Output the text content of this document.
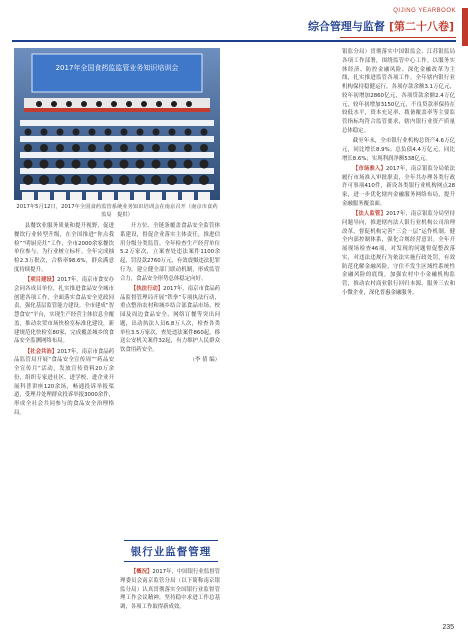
QIJING YEARBOOK
综合管理与监督 [第二十八卷]
2017年全国食药监监管业务知识培训会
2017年5月12日，2017年全国食药监管系统业务知识培训会在南京召开（南京市食药监局　提供）

县餐饮业服务质量和提升视野，促进餐饮行业转型升级，在全国推进“你点我检”“明厨亮灶”工作，全市2000余家餐饮单位参与，为行业树立标杆。全年完成抽检2.3万批次，合格率98.6%，群众满意度持续提升。

【项目建设】2017年，南京市食安办会同各成员单位，扎实推进食品安全城市创建各项工作，全面落实食品安全党政同责，强化基层监管能力建设。全市建成“智慧食安”平台，实现生产经营主体信息全覆盖，推动农贸市场快检室标准化建设，新建规范化快检室80家，完成覆盖城乡的食品安全监测网络布局。

【社会共治】2017年，南京市食品药品监管局开展“食品安全宣传周”“药品安全宣传月”活动，发放宣传资料20万余份，组织专家进社区、进学校、进企业开展科普讲座120余场，畅通投诉举报渠道，受理并处理群众投诉举报3000余件，形成全社会共同参与的食品安全治理格局。

开方位、全链条覆盖食品安全监管体系建设，督促企业落实主体责任，推进信用分级分类监管。全年检查生产经营单位5.2万家次，立案查处违法案件1100余起，罚没款2760万元，有效震慑违法犯罪行为。建立健全部门联动机制，形成监管合力，食品安全形势总体稳定向好。

【执法行动】2017年，南京市食品药品监督管理局开展“铁拳”专项执法行动，重点整治农村和城乡结合部食品市场、校园及周边食品安全、网络订餐等突出问题，出动执法人员6.8万人次，检查各类单位3.5万家次，查处违法案件860起，移送公安机关案件32起，有力维护人民群众饮食用药安全。

（李 倩 编）

银行业监督管理

【概况】2017年，中国银行业监督管理委员会南京监管分局（以下简称南京银监分局）认真贯彻落实全国银行业监督管理工作会议精神，坚持稳中求进工作总基调，各项工作取得新成效。

银监分局）贯彻落实中国银监会、江苏银监局各项工作部署，围绕监管中心工作，以服务实体经济、防控金融风险、深化金融改革为主线，扎实推进监管各项工作。全年辖内银行业机构保持稳健运行，各项存款余额3.1万亿元，较年初增加2860亿元，各项贷款余额2.4万亿元，较年初增加3150亿元，不良贷款率保持在较低水平，资本充足率、拨备覆盖率等主要监管指标均符合监管要求，辖内银行业资产质量总体稳定。

截至年末，全市银行业机构总资产4.6万亿元，同比增长8.9%；总负债4.4万亿元，同比增长8.6%；实现利润净额538亿元。

【市场准入】2017年，南京银监分局依法履行市场准入审批职责，全年共办理各类行政许可事项410件，新设各类银行业机构网点28家，进一步优化辖内金融服务网络布局，提升金融服务覆盖面。

【法人监管】2017年，南京银监分局坚持问题导向，推进辖内法人银行业机构公司治理改革，督促机构完善“三会一层”运作机制，健全内部控制体系，强化合规经营意识。全年开展现场检查46项，对发现的问题督促整改落实，对违法违规行为依法实施行政处罚，有效防范化解金融风险，守住不发生区域性系统性金融风险的底线。加强农村中小金融机构监管，推动农村商业银行回归本源、服务三农和小微企业，深化普惠金融服务。

235
